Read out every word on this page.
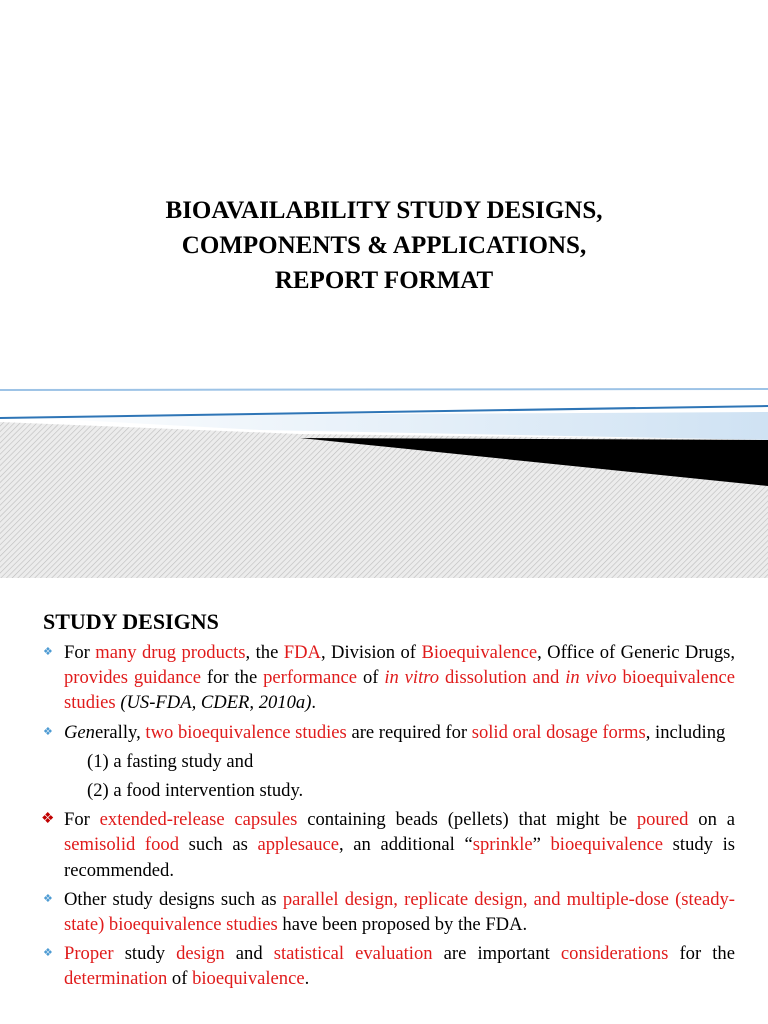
BIOAVAILABILITY STUDY DESIGNS,
COMPONENTS & APPLICATIONS,
REPORT FORMAT
STUDY DESIGNS
❖ For many drug products, the FDA, Division of Bioequivalence, Office of Generic Drugs, provides guidance for the performance of in vitro dissolution and in vivo bioequivalence studies (US-FDA, CDER, 2010a).
❖ Generally, two bioequivalence studies are required for solid oral dosage forms, including
(1) a fasting study and
(2) a food intervention study.
❖ For extended-release capsules containing beads (pellets) that might be poured on a semisolid food such as applesauce, an additional “sprinkle” bioequivalence study is recommended.
❖ Other study designs such as parallel design, replicate design, and multiple-dose (steady-state) bioequivalence studies have been proposed by the FDA.
❖ Proper study design and statistical evaluation are important considerations for the determination of bioequivalence.
